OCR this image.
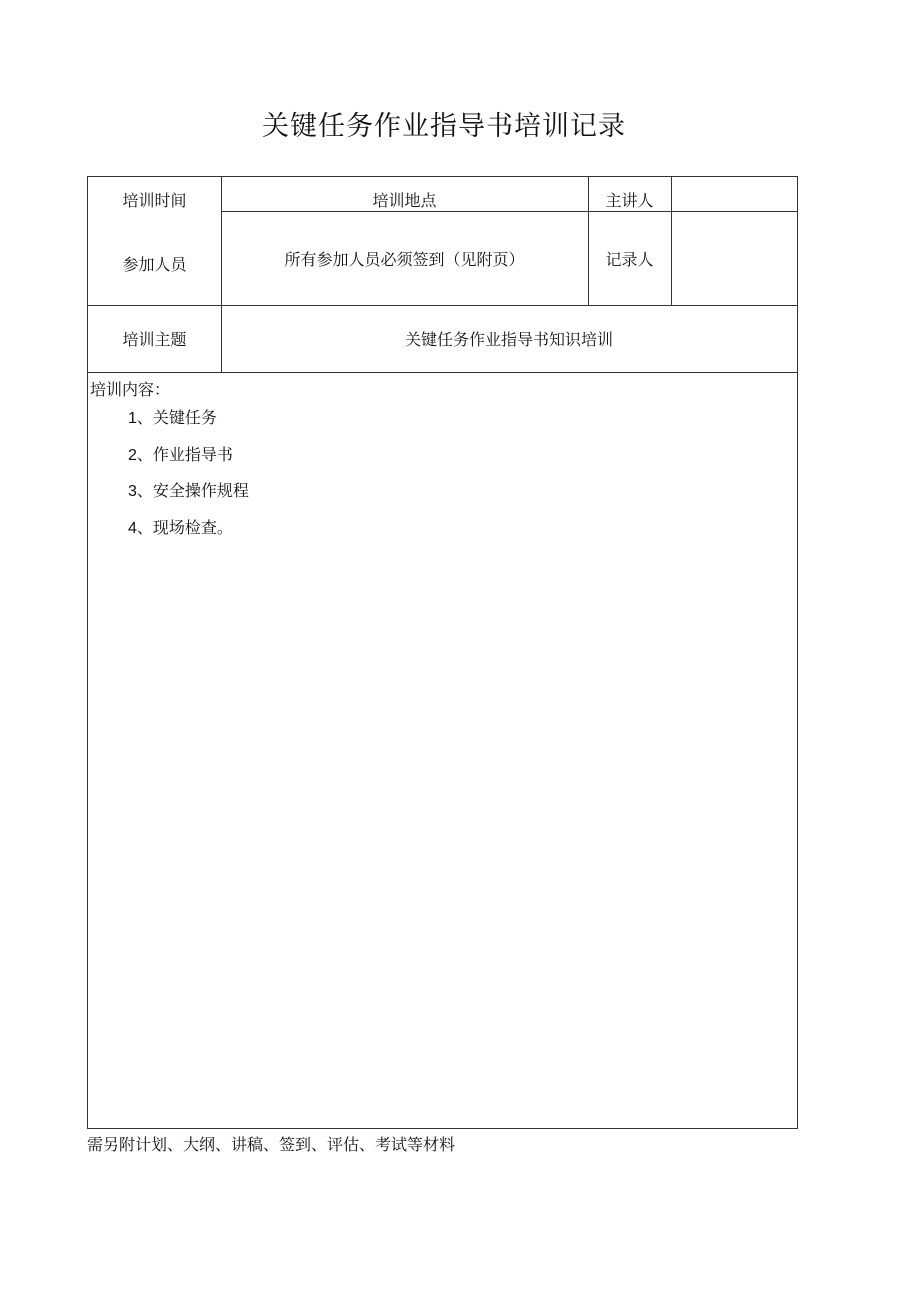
关键任务作业指导书培训记录
培训时间	培训地点	主讲人
参加人员	所有参加人员必须签到（见附页）	记录人
培训主题	关键任务作业指导书知识培训
培训内容：
1、关键任务
2、作业指导书
3、安全操作规程
4、现场检查。
需另附计划、大纲、讲稿、签到、评估、考试等材料
